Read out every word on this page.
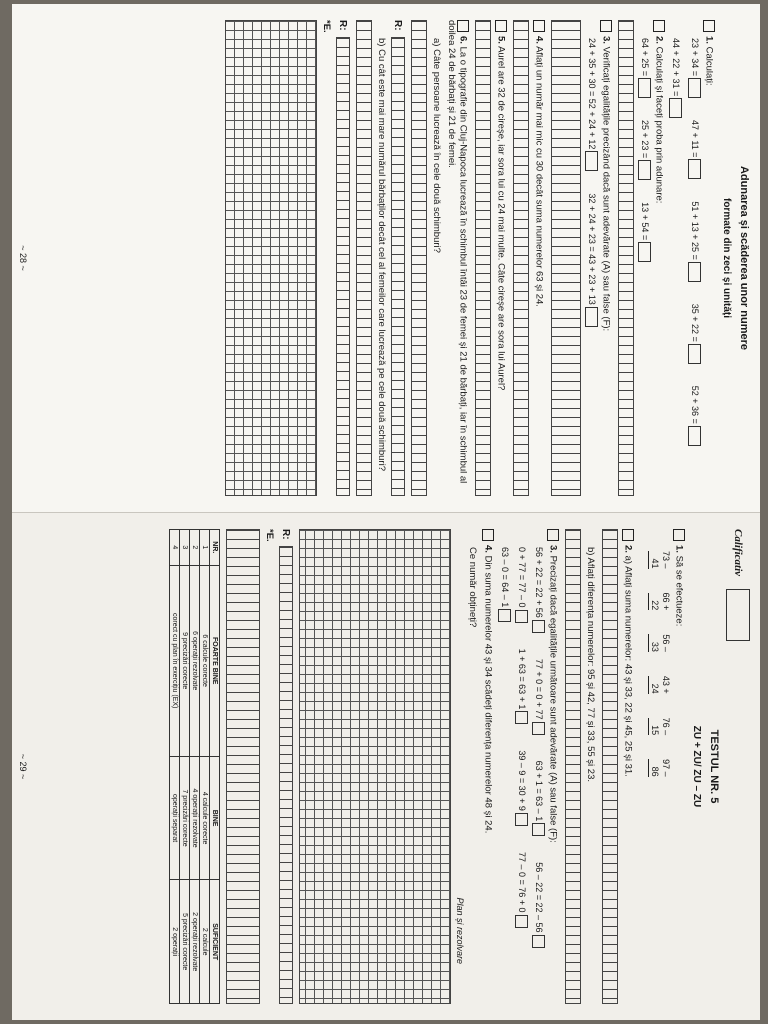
Adunarea și scăderea unor numere
formate din zeci și unități
1. Calculați:
23 + 34 =
47 + 11 =
51 + 13 + 25 =
35 + 22 =
52 + 36 =
44 + 22 + 31 =
2. Calculați și faceți proba prin adunare:
64 + 25 =
25 + 23 =
13 + 54 =
3. Verificați egalitățile precizând dacă sunt adevărate (A) sau false (F):
24 + 35 + 30 = 52 + 24 + 12
32 + 24 + 23 = 43 + 23 + 13
4. Aflați un număr mai mic cu 30 decât suma numerelor 63 și 24.
5. Aurel are 32 de cireșe, iar sora lui cu 24 mai multe. Câte cireșe are sora lui Aurel?
6. La o tipografie din Cluj-Napoca lucrează în schimbul întâi 23 de femei și 21 de bărbați, iar în schimbul al doilea 24 de bărbați și 21 de femei.
a) Câte persoane lucrează în cele două schimburi?
R:
b) Cu cât este mai mare numărul bărbaților decât cel al femeilor care lucrează pe cele două schimburi?
R:
*E.
~ 28 ~
Calificativ
TESTUL NR. 5
ZU + ZU/ ZU – ZU
1. Să se efectueze:
73 –
41
66 +
22
56 –
33
43 +
24
76 –
15
97 –
86
2. a) Aflați suma numerelor: 43 și 33, 22 și 45, 25 și 31.
b) Aflați diferența numerelor: 95 și 42, 77 și 33, 55 și 23.
3. Precizați dacă egalitățile următoare sunt adevărate (A) sau false (F):
56 + 22 = 22 + 56
77 + 0 = 0 + 77
63 + 1 = 63 – 1
56 – 22 = 22 – 56
0 + 77 = 77 – 0
1 + 63 = 63 + 1
39 – 9 = 30 + 9
77 – 0 = 76 + 0
63 – 0 = 64 – 1
4. Din suma numerelor 43 și 34 scădeți diferența numerelor 48 și 24.
Ce număr obțineți?
Plan și rezolvare
R:
*E.
NR.	FOARTE BINE	BINE	SUFICIENT
1	6 calcule corecte	4 calcule corecte	2 calcule
2	6 operații rezolvate	4 operații rezolvate	2 operații rezolvate
3	9 precizări corecte	7 precizări corecte	5 precizări corecte
4	corect cu plan în exercițiu (EX)	operații separat	2 operații
~ 29 ~
